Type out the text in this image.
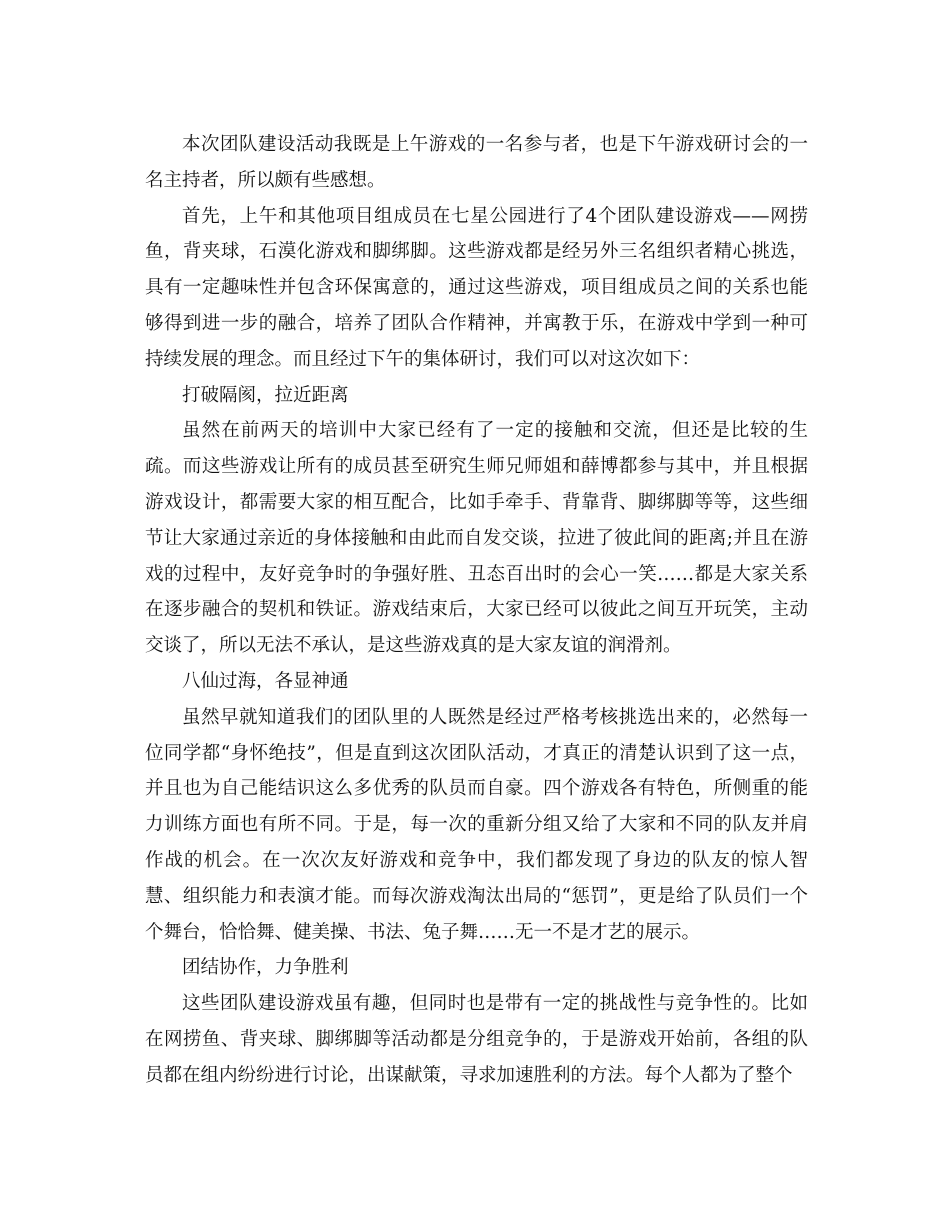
本次团队建设活动我既是上午游戏的一名参与者，也是下午游戏研讨会的一名主持者，所以颇有些感想。

首先，上午和其他项目组成员在七星公园进行了4个团队建设游戏——网捞鱼，背夹球，石漠化游戏和脚绑脚。这些游戏都是经另外三名组织者精心挑选，具有一定趣味性并包含环保寓意的，通过这些游戏，项目组成员之间的关系也能够得到进一步的融合，培养了团队合作精神，并寓教于乐，在游戏中学到一种可持续发展的理念。而且经过下午的集体研讨，我们可以对这次如下：

打破隔阂，拉近距离

虽然在前两天的培训中大家已经有了一定的接触和交流，但还是比较的生疏。而这些游戏让所有的成员甚至研究生师兄师姐和薛博都参与其中，并且根据游戏设计，都需要大家的相互配合，比如手牵手、背靠背、脚绑脚等等，这些细节让大家通过亲近的身体接触和由此而自发交谈，拉进了彼此间的距离;并且在游戏的过程中，友好竞争时的争强好胜、丑态百出时的会心一笑……都是大家关系在逐步融合的契机和铁证。游戏结束后，大家已经可以彼此之间互开玩笑，主动交谈了，所以无法不承认，是这些游戏真的是大家友谊的润滑剂。

八仙过海，各显神通

虽然早就知道我们的团队里的人既然是经过严格考核挑选出来的，必然每一位同学都“身怀绝技”，但是直到这次团队活动，才真正的清楚认识到了这一点，并且也为自己能结识这么多优秀的队员而自豪。四个游戏各有特色，所侧重的能力训练方面也有所不同。于是，每一次的重新分组又给了大家和不同的队友并肩作战的机会。在一次次友好游戏和竞争中，我们都发现了身边的队友的惊人智慧、组织能力和表演才能。而每次游戏淘汰出局的“惩罚”，更是给了队员们一个个舞台，恰恰舞、健美操、书法、兔子舞……无一不是才艺的展示。

团结协作，力争胜利

这些团队建设游戏虽有趣，但同时也是带有一定的挑战性与竞争性的。比如在网捞鱼、背夹球、脚绑脚等活动都是分组竞争的，于是游戏开始前，各组的队员都在组内纷纷进行讨论，出谋献策，寻求加速胜利的方法。每个人都为了整个
